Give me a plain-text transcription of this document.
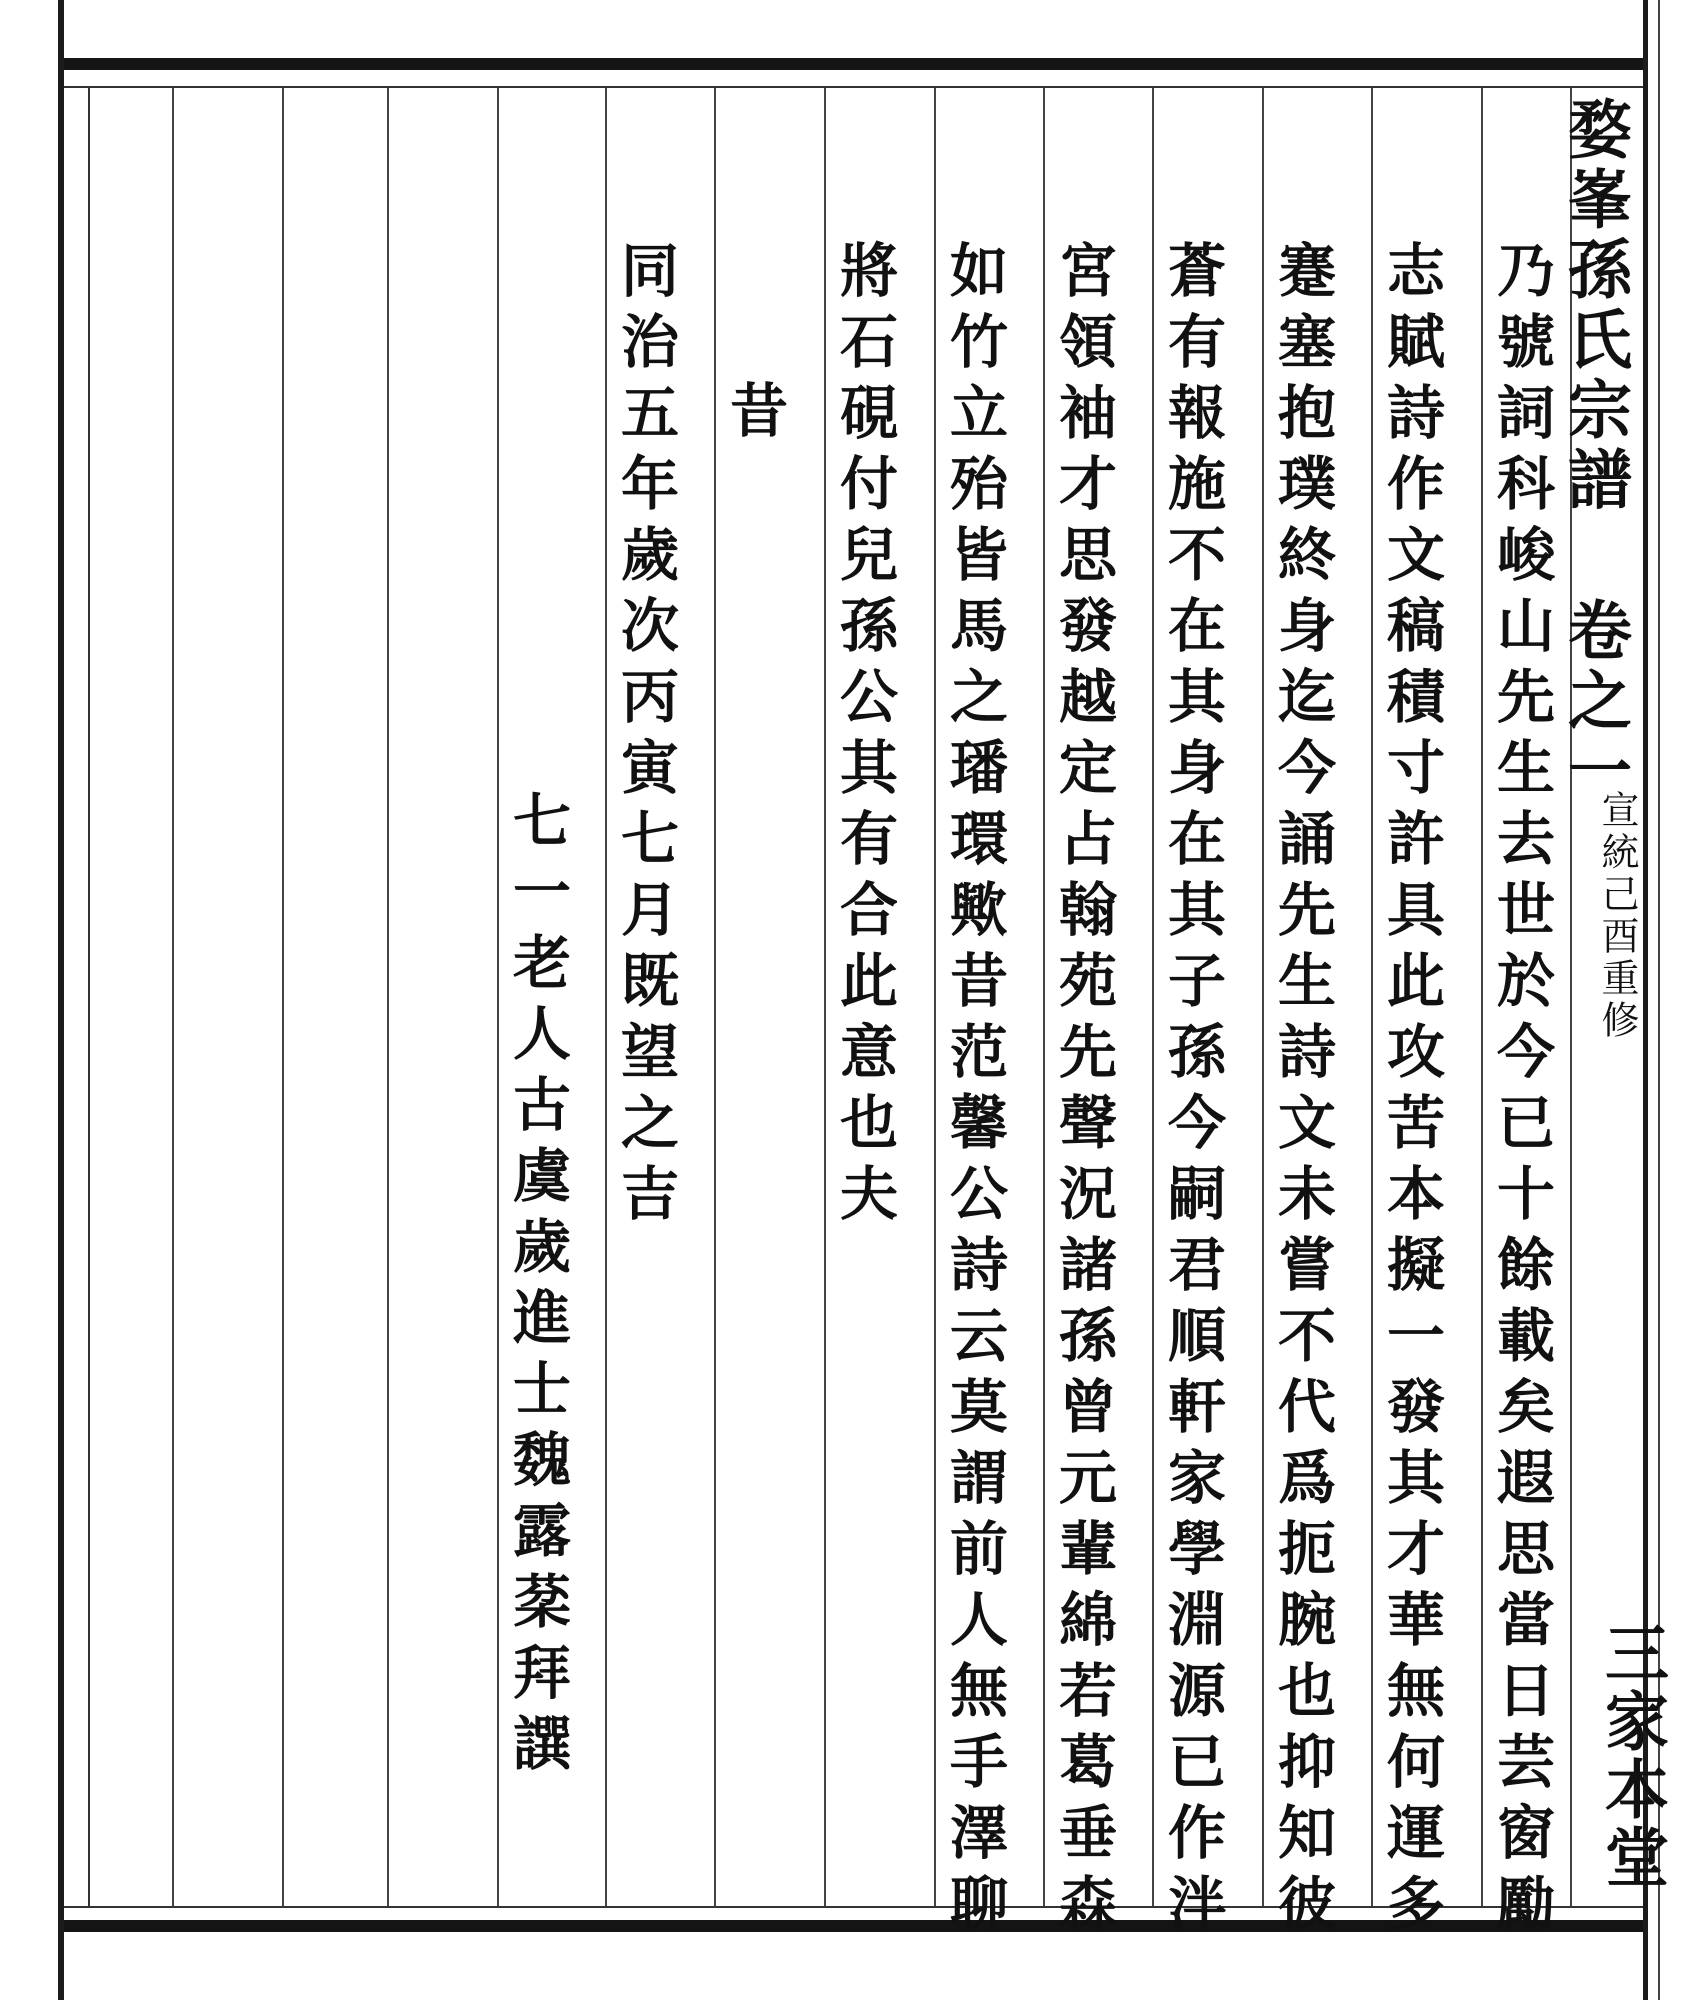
婺峯孫氏宗譜 卷之一
宣統己酉重修
三家本堂
乃號詞科峻山先生去世於今已十餘載矣遐思當日芸窗勵
志賦詩作文稿積寸許具此攻苦本擬一發其才華無何運多
蹇塞抱璞終身迄今誦先生詩文未嘗不代爲扼腕也抑知彼
蒼有報施不在其身在其子孫今嗣君順軒家學淵源已作泮
宮領袖才思發越定占翰苑先聲況諸孫曾元輩綿若葛垂森
如竹立殆皆馬之璠環歟昔范馨公詩云莫謂前人無手澤聊
將石硯付兒孫公其有合此意也夫
昔
同治五年歲次丙寅七月既望之吉
七一老人古虞歲進士魏露棻拜譔
